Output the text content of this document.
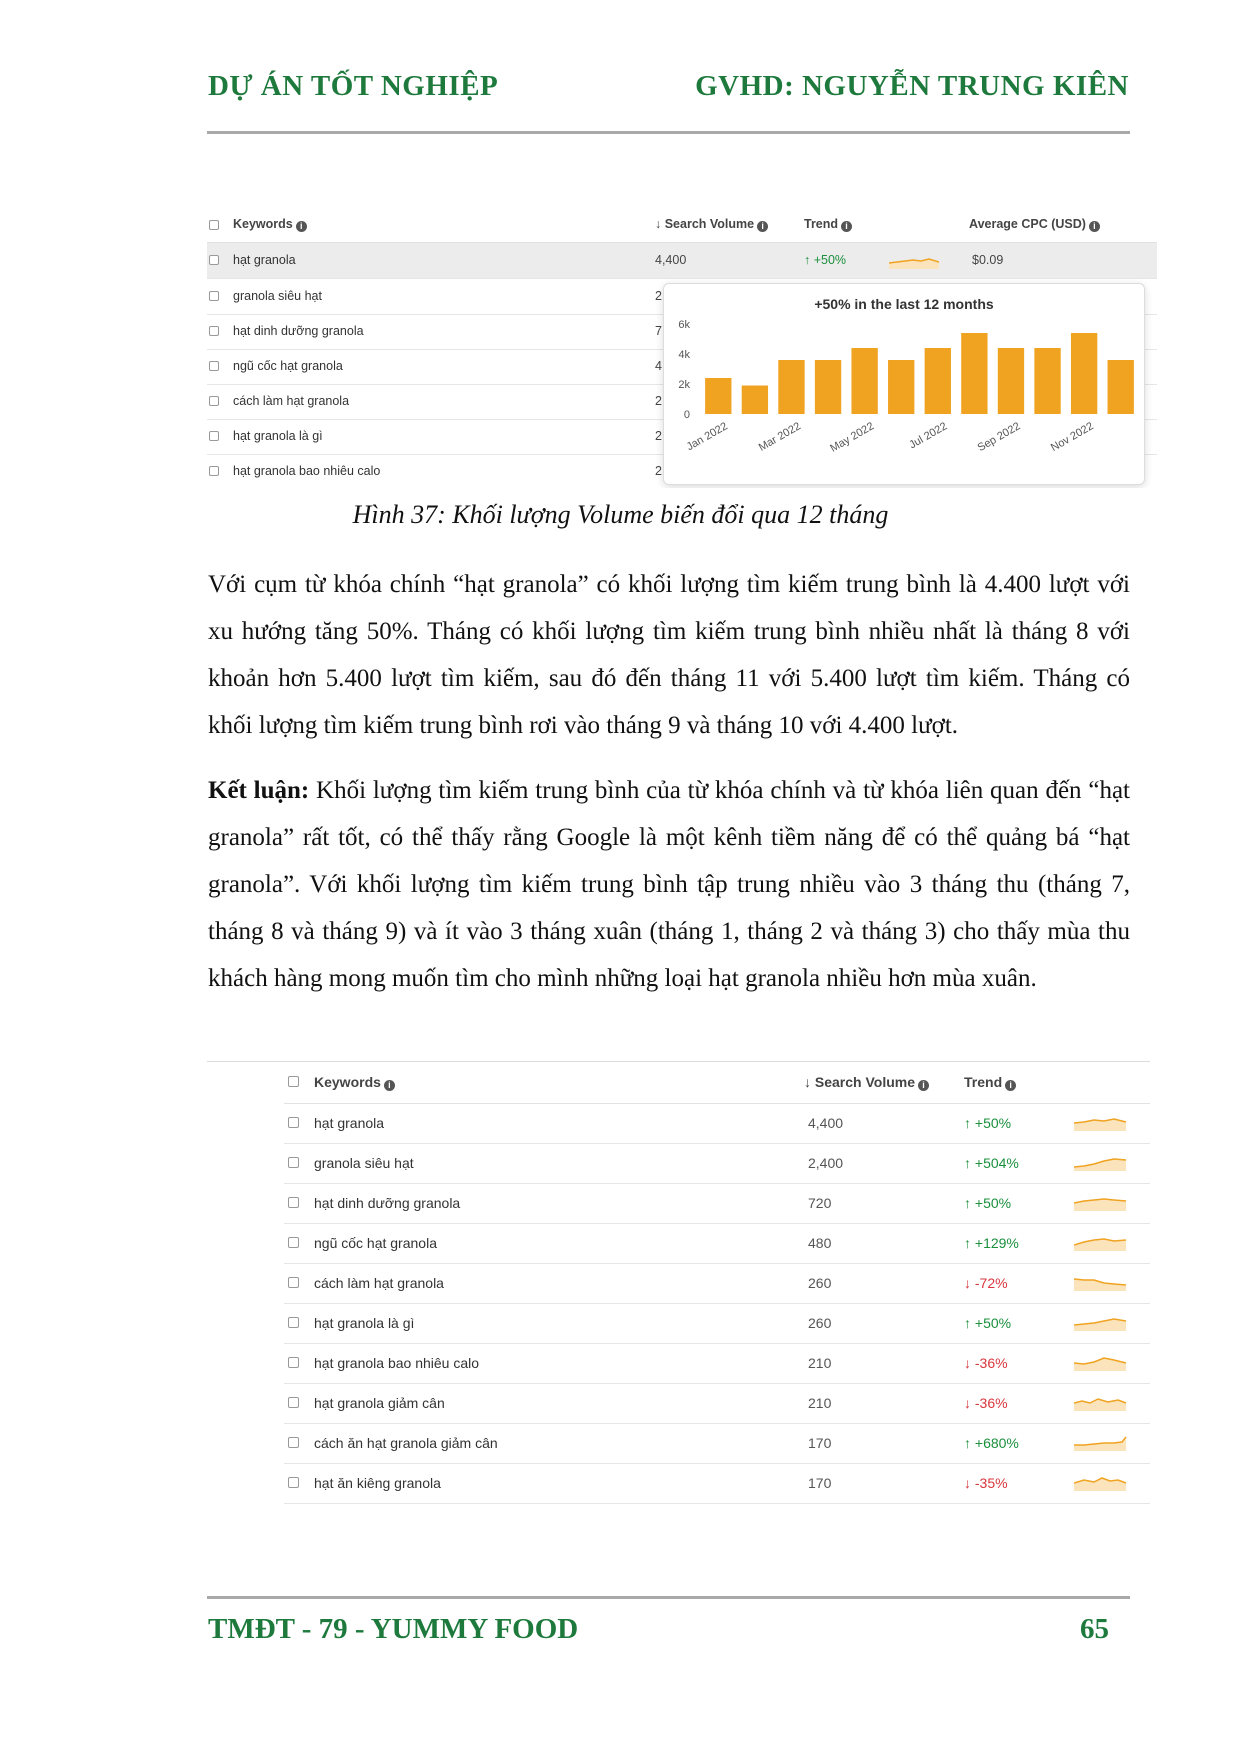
DỰ ÁN TỐT NGHIỆP	GVHD: NGUYỄN TRUNG KIÊN
Keywords i	↓ Search Volume i	Trend i	Average CPC (USD) i
hạt granola	4,400	↑ +50%	$0.09
granola siêu hạt	2
hạt dinh dưỡng granola	7
ngũ cốc hạt granola	4
cách làm hạt granola	2
hạt granola là gì	2
hạt granola bao nhiêu calo	2
+50% in the last 12 months
0
2k
4k
6k
Jan 2022 Mar 2022 May 2022	Jul 2022 Sep 2022 Nov 2022
Hình 37: Khối lượng Volume biến đổi qua 12 tháng
Với cụm từ khóa chính “hạt granola” có khối lượng tìm kiếm trung bình là 4.400 lượt với xu hướng tăng 50%. Tháng có khối lượng tìm kiếm trung bình nhiều nhất là tháng 8 với khoản hơn 5.400 lượt tìm kiếm, sau đó đến tháng 11 với 5.400 lượt tìm kiếm. Tháng có khối lượng tìm kiếm trung bình rơi vào tháng 9 và tháng 10 với 4.400 lượt.
Kết luận: Khối lượng tìm kiếm trung bình của từ khóa chính và từ khóa liên quan đến “hạt granola” rất tốt, có thể thấy rằng Google là một kênh tiềm năng để có thể quảng bá “hạt granola”. Với khối lượng tìm kiếm trung bình tập trung nhiều vào 3 tháng thu (tháng 7, tháng 8 và tháng 9) và ít vào 3 tháng xuân (tháng 1, tháng 2 và tháng 3) cho thấy mùa thu khách hàng mong muốn tìm cho mình những loại hạt granola nhiều hơn mùa xuân.
Keywords i	↓ Search Volume i	Trend i
hạt granola	4,400	↑ +50%
granola siêu hạt	2,400	↑ +504%
hạt dinh dưỡng granola	720	↑ +50%
ngũ cốc hạt granola	480	↑ +129%
cách làm hạt granola	260	↓ -72%
hạt granola là gì	260	↑ +50%
hạt granola bao nhiêu calo	210	↓ -36%
hạt granola giảm cân	210	↓ -36%
cách ăn hạt granola giảm cân	170	↑ +680%
hạt ăn kiêng granola	170	↓ -35%
TMĐT - 79 - YUMMY FOOD	65
